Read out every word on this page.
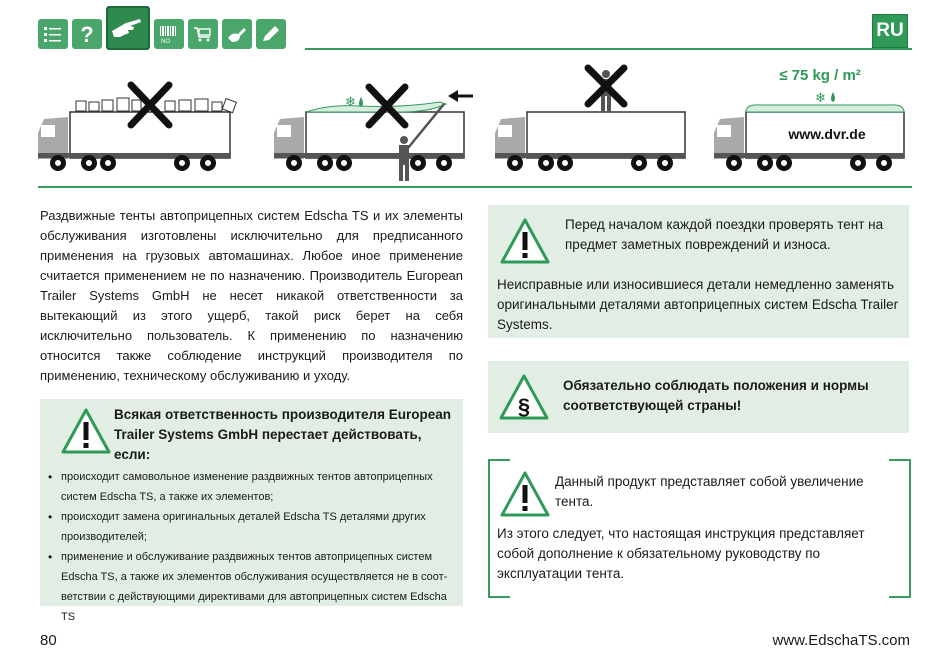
?	NO
RU
❄
≤ 75 kg / m²
❄
www.dvr.de

Раздвижные тенты автоприцепных систем Edscha TS и их элементы обслуживания изготовлены исключительно для предписанного применения на грузовых автомашинах. Любое иное применение считается применением не по назначению. Производитель European Trailer Systems GmbH не несет никакой ответственности за вытекающий из этого ущерб, такой риск берет на себя исключительно пользователь. К применению по назначению относится также соблюдение инструкций производителя по применению, техническому обслуживанию и уходу.

Всякая ответственность производителя European Trailer Systems GmbH перестает действовать, если:
• происходит самовольное изменение раздвижных тентов автоприцепных систем Edscha TS, а также их элементов;
• происходит замена оригинальных деталей Edscha TS деталями других производителей;
• применение и обслуживание раздвижных тентов автоприцепных систем Edscha TS, а также их элементов обслуживания осуществляется не в соот-ветствии с действующими директивами для автоприцепных систем Edscha TS
Перед началом каждой поездки проверять тент на предмет заметных повреждений и износа.
Неисправные или износившиеся детали немедленно заменять оригинальными деталями автоприцепных систем Edscha Trailer Systems.
§
Обязательно соблюдать положения и нормы соответствующей страны!
Данный продукт представляет собой увеличение тента.
Из этого следует, что настоящая инструкция представляет собой дополнение к обязательному руководству по эксплуатации тента.
80	www.EdschaTS.com
